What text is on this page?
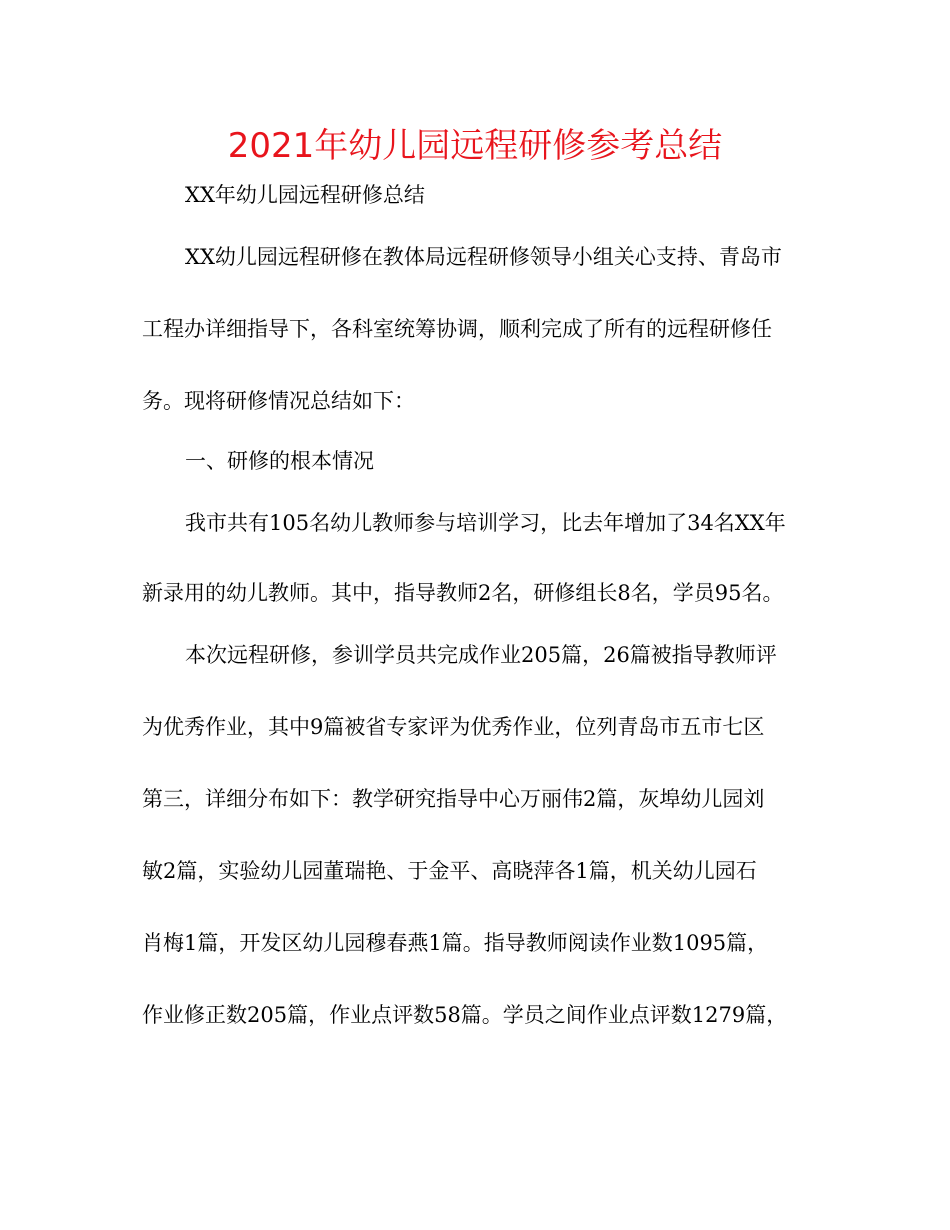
2021年幼儿园远程研修参考总结
XX年幼儿园远程研修总结
XX幼儿园远程研修在教体局远程研修领导小组关心支持、青岛市
工程办详细指导下，各科室统筹协调，顺利完成了所有的远程研修任
务。现将研修情况总结如下：
一、研修的根本情况
我市共有105名幼儿教师参与培训学习，比去年增加了34名XX年
新录用的幼儿教师。其中，指导教师2名，研修组长8名，学员95名。
本次远程研修，参训学员共完成作业205篇，26篇被指导教师评
为优秀作业，其中9篇被省专家评为优秀作业，位列青岛市五市七区
第三，详细分布如下：教学研究指导中心万丽伟2篇，灰埠幼儿园刘
敏2篇，实验幼儿园董瑞艳、于金平、高晓萍各1篇，机关幼儿园石
肖梅1篇，开发区幼儿园穆春燕1篇。指导教师阅读作业数1095篇，
作业修正数205篇，作业点评数58篇。学员之间作业点评数1279篇，
